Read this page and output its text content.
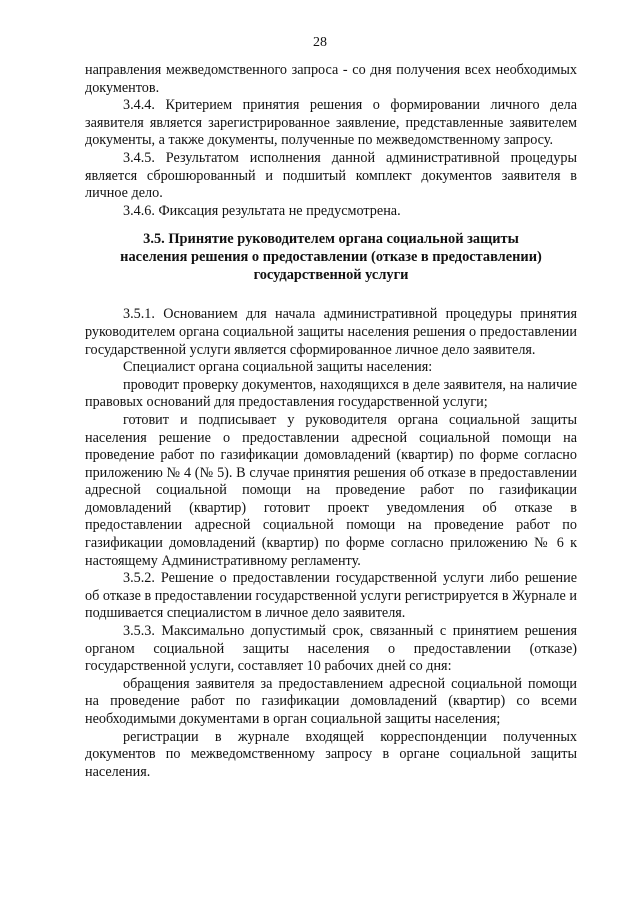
28

направления межведомственного запроса - со дня получения всех необходимых документов.

3.4.4. Критерием принятия решения о формировании личного дела заявителя является зарегистрированное заявление, представленные заявителем документы, а также документы, полученные по межведомственному запросу.

3.4.5. Результатом исполнения данной административной процедуры является сброшюрованный и подшитый комплект документов заявителя в личное дело.

3.4.6. Фиксация результата не предусмотрена.

3.5. Принятие руководителем органа социальной защиты населения решения о предоставлении (отказе в предоставлении) государственной услуги

3.5.1. Основанием для начала административной процедуры принятия руководителем органа социальной защиты населения решения о предоставлении государственной услуги является сформированное личное дело заявителя.

Специалист органа социальной защиты населения:

проводит проверку документов, находящихся в деле заявителя, на наличие правовых оснований для предоставления государственной услуги;

готовит и подписывает у руководителя органа социальной защиты населения решение о предоставлении адресной социальной помощи на проведение работ по газификации домовладений (квартир) по форме согласно приложению № 4 (№ 5). В случае принятия решения об отказе в предоставлении адресной социальной помощи на проведение работ по газификации домовладений (квартир) готовит проект уведомления об отказе в предоставлении адресной социальной помощи на проведение работ по газификации домовладений (квартир) по форме согласно приложению № 6 к настоящему Административному регламенту.

3.5.2. Решение о предоставлении государственной услуги либо решение об отказе в предоставлении государственной услуги регистрируется в Журнале и подшивается специалистом в личное дело заявителя.

3.5.3. Максимально допустимый срок, связанный с принятием решения органом социальной защиты населения о предоставлении (отказе) государственной услуги, составляет 10 рабочих дней со дня:

обращения заявителя за предоставлением адресной социальной помощи на проведение работ по газификации домовладений (квартир) со всеми необходимыми документами в орган социальной защиты населения;

регистрации в журнале входящей корреспонденции полученных документов по межведомственному запросу в органе социальной защиты населения.
